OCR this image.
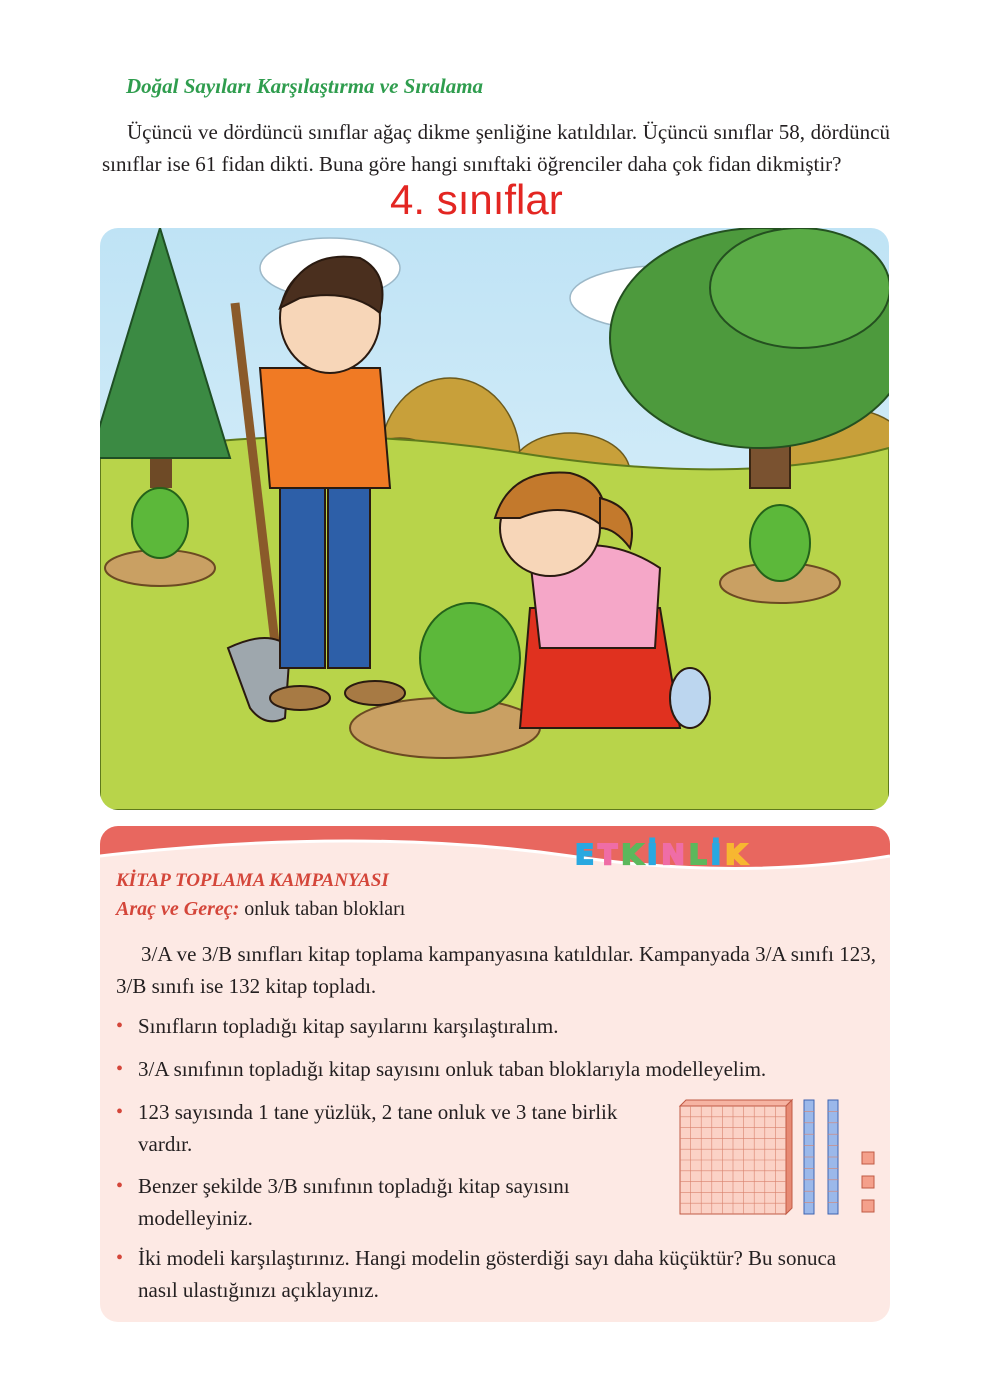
Doğal Sayıları Karşılaştırma ve Sıralama
Üçüncü ve dördüncü sınıflar ağaç dikme şenliğine katıldılar. Üçüncü sınıflar 58, dördüncü sınıflar ise 61 fidan dikti. Buna göre hangi sınıftaki öğrenciler daha çok fidan dikmiştir?
4. sınıflar
E T K İ N L İ K
KİTAP TOPLAMA KAMPANYASI
Araç ve Gereç: onluk taban blokları
3/A ve 3/B sınıfları kitap toplama kampanyasına katıldılar. Kampanyada 3/A sınıfı 123, 3/B sınıfı ise 132 kitap topladı.
• Sınıfların topladığı kitap sayılarını karşılaştıralım.
• 3/A sınıfının topladığı kitap sayısını onluk taban bloklarıyla modelleyelim.
• 123 sayısında 1 tane yüzlük, 2 tane onluk ve 3 tane birlik vardır.
• Benzer şekilde 3/B sınıfının topladığı kitap sayısını modelleyiniz.
• İki modeli karşılaştırınız. Hangi modelin gösterdiği sayı daha küçüktür? Bu sonuca nasıl ulastığınızı açıklayınız.
